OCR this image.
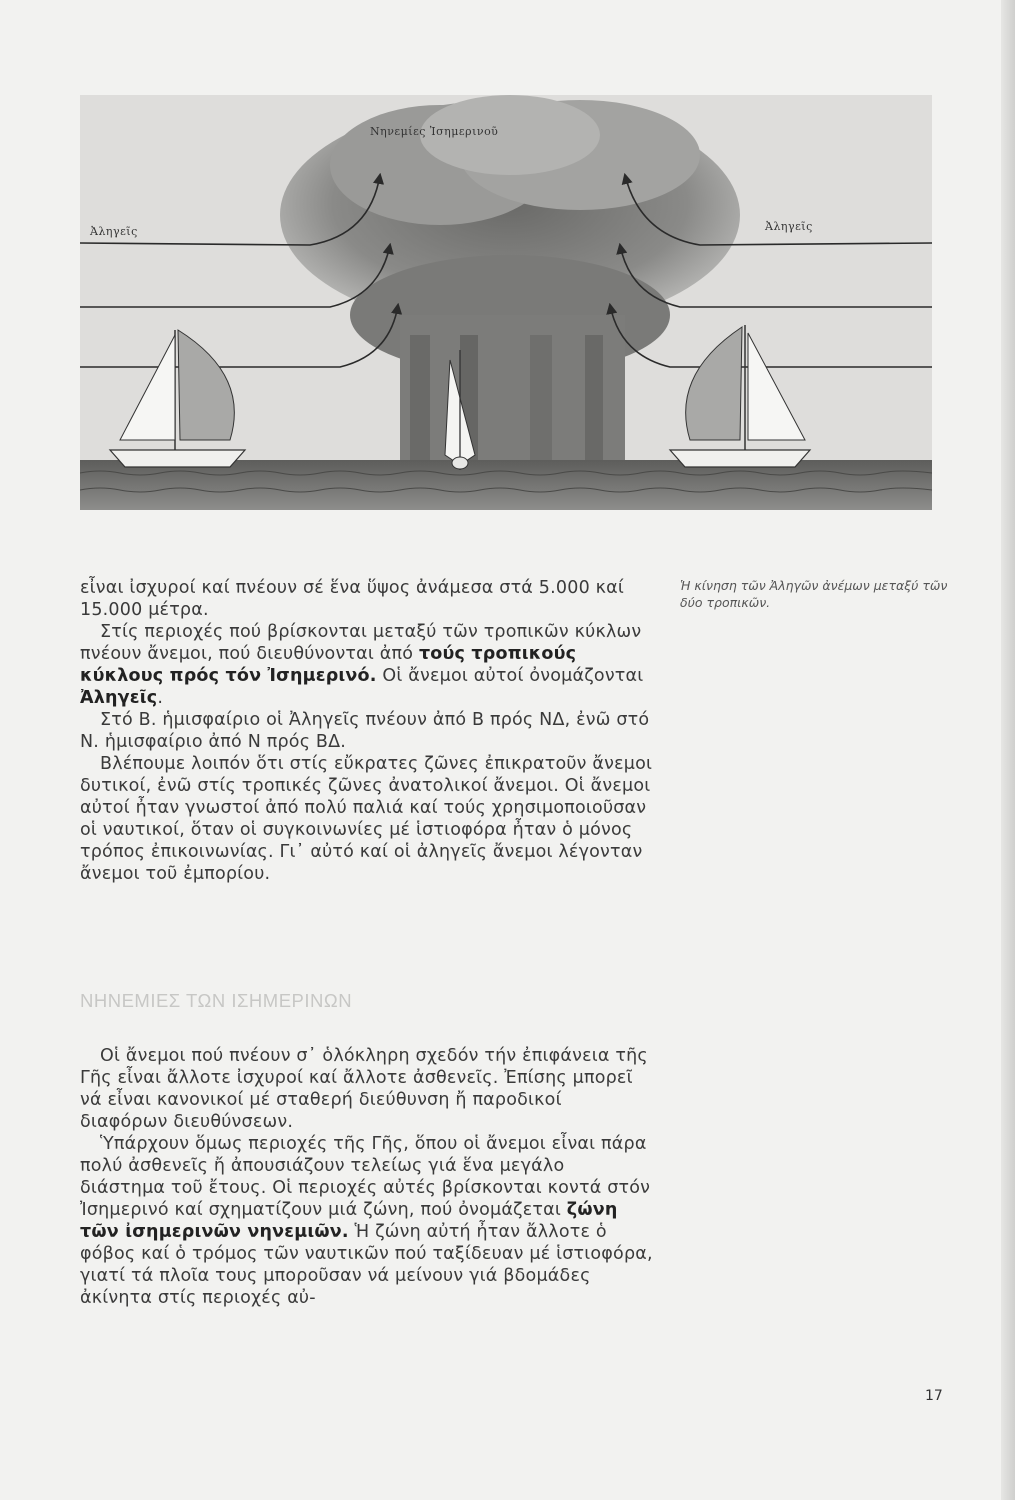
Νηνεμίες Ἰσημερινοῦ
Ἀληγεῖς	Ἀληγεῖς

εἶναι ἰσχυροί καί πνέουν σέ ἕνα ὕψος ἀνάμεσα στά 5.000 καί 15.000 μέτρα.

Στίς περιοχές πού βρίσκονται μεταξύ τῶν τροπικῶν κύκλων πνέουν ἄνεμοι, πού διευθύνονται ἀπό τούς τροπικούς κύκλους πρός τόν Ἰσημερινό. Οἱ ἄνεμοι αὐτοί ὀνομάζονται Ἀληγεῖς.

Στό Β. ἡμισφαίριο οἱ Ἀληγεῖς πνέουν ἀπό Β πρός ΝΔ, ἐνῶ στό Ν. ἡμισφαίριο ἀπό Ν πρός ΒΔ.

Βλέπουμε λοιπόν ὅτι στίς εὔκρατες ζῶνες ἐπικρατοῦν ἄνεμοι δυτικοί, ἐνῶ στίς τροπικές ζῶνες ἀνατολικοί ἄνεμοι. Οἱ ἄνεμοι αὐτοί ἦταν γνωστοί ἀπό πολύ παλιά καί τούς χρησιμοποιοῦσαν οἱ ναυτικοί, ὅταν οἱ συγκοινωνίες μέ ἱστιοφόρα ἦταν ὁ μόνος τρόπος ἐπικοινωνίας. Γι᾽ αὐτό καί οἱ ἀληγεῖς ἄνεμοι λέγονταν ἄνεμοι τοῦ ἐμπορίου.

Ἡ κίνηση τῶν Ἀληγῶν ἀνέμων μεταξύ τῶν δύο τροπικῶν.
ΝΗΝΕΜΙΕΣ ΤΩΝ ΙΣΗΜΕΡΙΝΩΝ

Οἱ ἄνεμοι πού πνέουν σ᾽ ὁλόκληρη σχεδόν τήν ἐπιφάνεια τῆς Γῆς εἶναι ἄλλοτε ἰσχυροί καί ἄλλοτε ἀσθενεῖς. Ἐπίσης μπορεῖ νά εἶναι κανονικοί μέ σταθερή διεύθυνση ἤ παροδικοί διαφόρων διευθύνσεων.

Ὑπάρχουν ὅμως περιοχές τῆς Γῆς, ὅπου οἱ ἄνεμοι εἶναι πάρα πολύ ἀσθενεῖς ἤ ἀπουσιάζουν τελείως γιά ἕνα μεγάλο διάστημα τοῦ ἔτους. Οἱ περιοχές αὐτές βρίσκονται κοντά στόν Ἰσημερινό καί σχηματίζουν μιά ζώνη, πού ὀνομάζεται ζώνη τῶν ἰσημερινῶν νηνεμιῶν. Ἡ ζώνη αὐτή ἦταν ἄλλοτε ὁ φόβος καί ὁ τρόμος τῶν ναυτικῶν πού ταξίδευαν μέ ἱστιοφόρα, γιατί τά πλοῖα τους μποροῦσαν νά μείνουν γιά βδομάδες ἀκίνητα στίς περιοχές αὐ-

17
